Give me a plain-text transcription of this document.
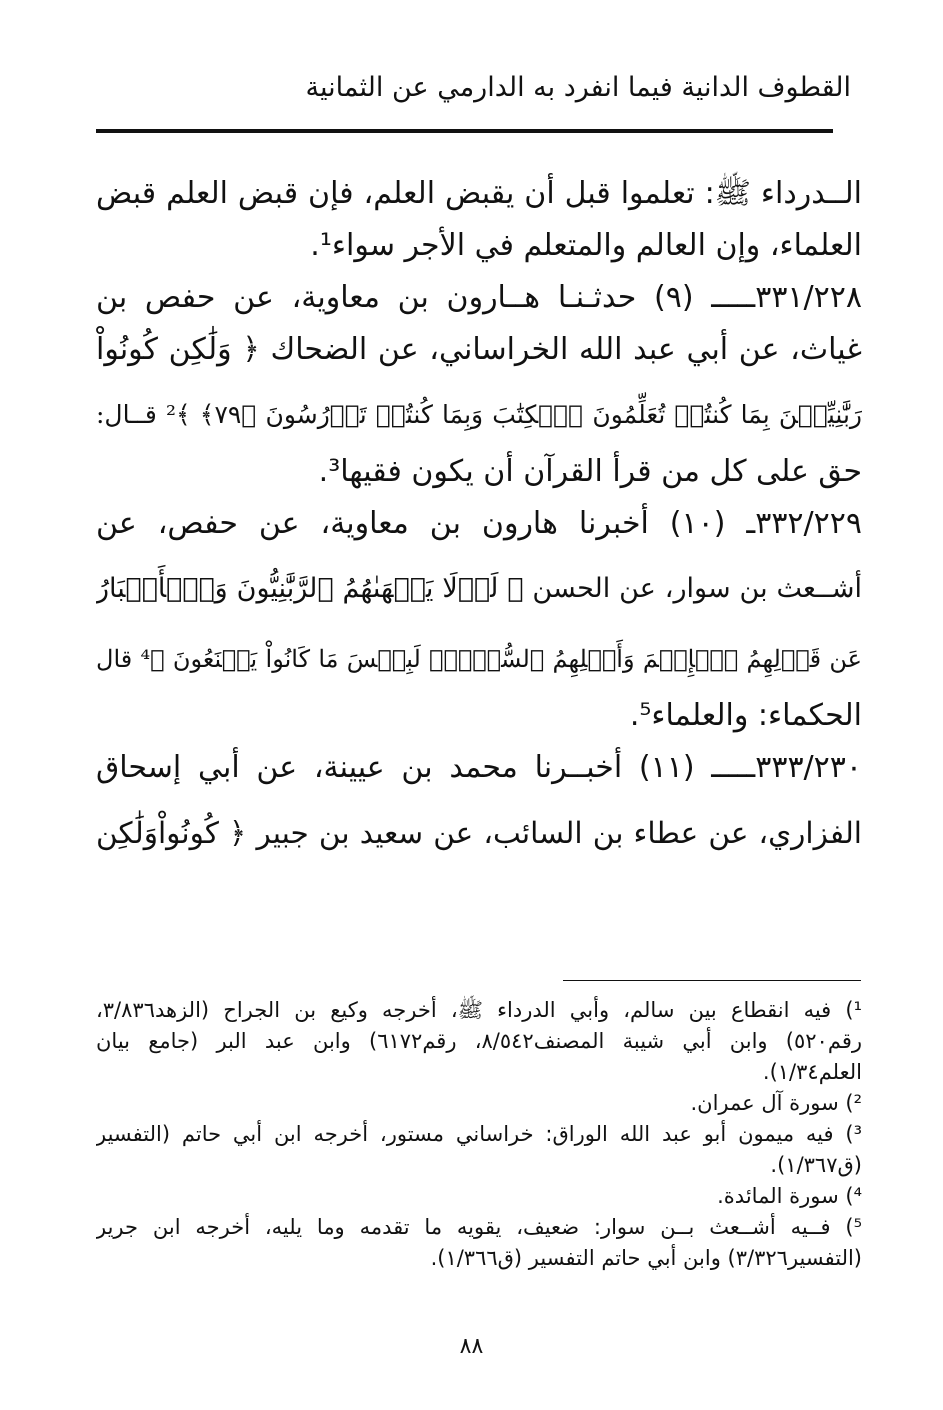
القطوف الدانية فيما انفرد به الدارمي عن الثمانية
الــدرداء ﷺ: تعلموا قبل أن يقبض العلم، فإن قبض العلم قبض
العلماء، وإن العالم والمتعلم في الأجر سواء¹.
٣٣١/٢٢٨ـــــ (٩) حدثـنـا هــارون بن معاوية، عن حفص بن
غياث، عن أبي عبد الله الخراساني، عن الضحاك ﴿ وَلَٰكِن كُونُواْ
رَبَّٰنِيِّـۧنَ بِمَا كُنتُمۡ تُعَلِّمُونَ ٱلۡكِتَٰبَ وَبِمَا كُنتُمۡ تَدۡرُسُونَ ﴿٧٩﴾ ﴾² قــال:
حق على كل من قرأ القرآن أن يكون فقيها³.
٣٣٢/٢٢٩ـ (١٠) أخبرنا هارون بن معاوية، عن حفص، عن
أشــعث بن سوار، عن الحسن ﴿ لَوۡلَا يَنۡهَىٰهُمُ ٱلرَّبَّٰنِيُّونَ وَٱلۡأَحۡبَارُ
عَن قَوۡلِهِمُ ٱلۡإِثۡمَ وَأَكۡلِهِمُ ٱلسُّحۡتَۚ لَبِئۡسَ مَا كَانُواْ يَصۡنَعُونَ ﴾⁴ قال
الحكماء: والعلماء⁵.
٣٣٣/٢٣٠ـــــ (١١) أخبــرنا محمد بن عيينة، عن أبي إسحاق
الفزاري، عن عطاء بن السائب، عن سعيد بن جبير ﴿ كُونُواْوَلَٰكِن
¹) فيه انقطاع بين سالم، وأبي الدرداء ﷺ، أخرجه وكيع بن الجراح (الزهد٣/٨٣٦،
رقم٥٢٠) وابن أبي شيبة المصنف٨/٥٤٢، رقم٦١٧٢) وابن عبد البر (جامع بيان
العلم١/٣٤).
²) سورة آل عمران.
³) فيه ميمون أبو عبد الله الوراق: خراساني مستور، أخرجه ابن أبي حاتم (التفسير
(ق١/٣٦٧).
⁴) سورة المائدة.
⁵) فــيه أشــعث بــن سوار: ضعيف، يقويه ما تقدمه وما يليه، أخرجه ابن جرير
(التفسير٣/٣٢٦) وابن أبي حاتم التفسير (ق١/٣٦٦).
٨٨
